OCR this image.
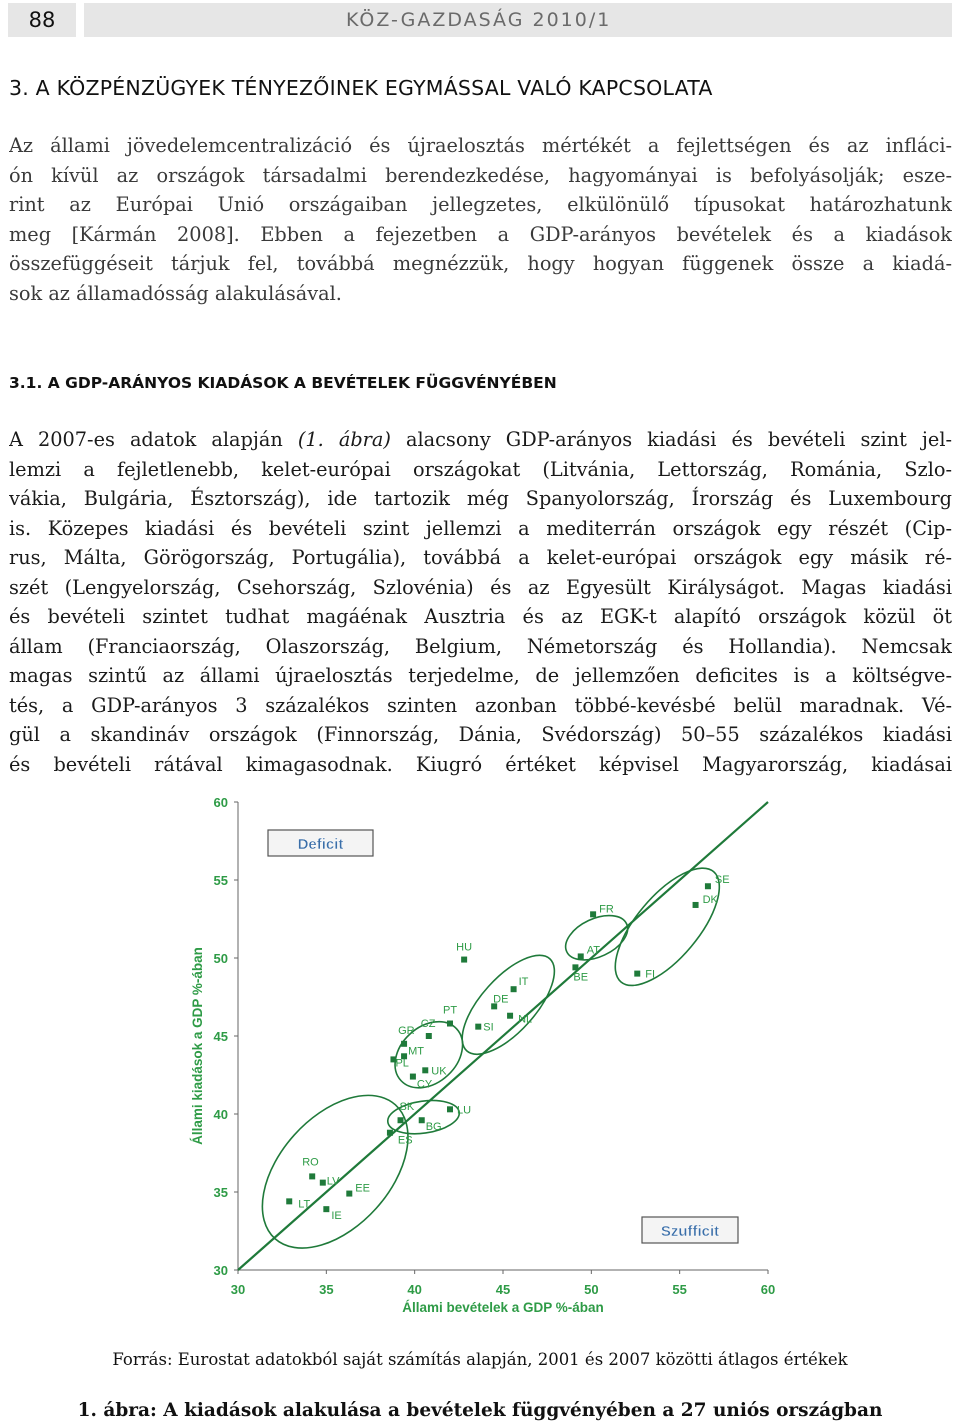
88	KÖZ-GAZDASÁG 2010/1
3. A KÖZPÉNZÜGYEK TÉNYEZŐINEK EGYMÁSSAL VALÓ KAPCSOLATA
Az állami jövedelemcentralizáció és újraelosztás mértékét a fejlettségen és az infláci-
ón kívül az országok társadalmi berendezkedése, hagyományai is befolyásolják; esze-
rint az Európai Unió országaiban jellegzetes, elkülönülő típusokat határozhatunk
meg [Kármán 2008]. Ebben a fejezetben a GDP-arányos bevételek és a kiadások
összefüggéseit tárjuk fel, továbbá megnézzük, hogy hogyan függenek össze a kiadá-
sok az államadósság alakulásával.
3.1. A GDP-ARÁNYOS KIADÁSOK A BEVÉTELEK FÜGGVÉNYÉBEN
A 2007-es adatok alapján (1. ábra) alacsony GDP-arányos kiadási és bevételi szint jel-
lemzi a fejletlenebb, kelet-európai országokat (Litvánia, Lettország, Románia, Szlo-
vákia, Bulgária, Észtország), ide tartozik még Spanyolország, Írország és Luxembourg
is. Közepes kiadási és bevételi szint jellemzi a mediterrán országok egy részét (Cip-
rus, Málta, Görögország, Portugália), továbbá a kelet-európai országok egy másik ré-
szét (Lengyelország, Csehország, Szlovénia) és az Egyesült Királyságot. Magas kiadási
és bevételi szintet tudhat magáénak Ausztria és az EGK-t alapító országok közül öt
állam (Franciaország, Olaszország, Belgium, Németország és Hollandia). Nemcsak
magas szintű az állami újraelosztás terjedelme, de jellemzően deficites is a költségve-
tés, a GDP-arányos 3 százalékos szinten azonban többé-kevésbé belül maradnak. Vé-
gül a skandináv országok (Finnország, Dánia, Svédország) 50–55 százalékos kiadási
és bevételi rátával kimagasodnak. Kiugró értéket képvisel Magyarország, kiadásai
30
35
40
45
50
55
60
30	35	40	45	50	55	60
Állami bevételek a GDP %-ában
Állami kiadások a GDP %-ában
Deficit
Szufficit
SE
DK
FR
AT
BE	FI
HU
IT
DE
NL
PT
SI
CZ
GR
MT
PL
UK
CY
SK
BG
LU
ES
RO
LV
EE
LT
IE
Forrás: Eurostat adatokból saját számítás alapján, 2001 és 2007 közötti átlagos értékek
1. ábra: A kiadások alakulása a bevételek függvényében a 27 uniós országban
